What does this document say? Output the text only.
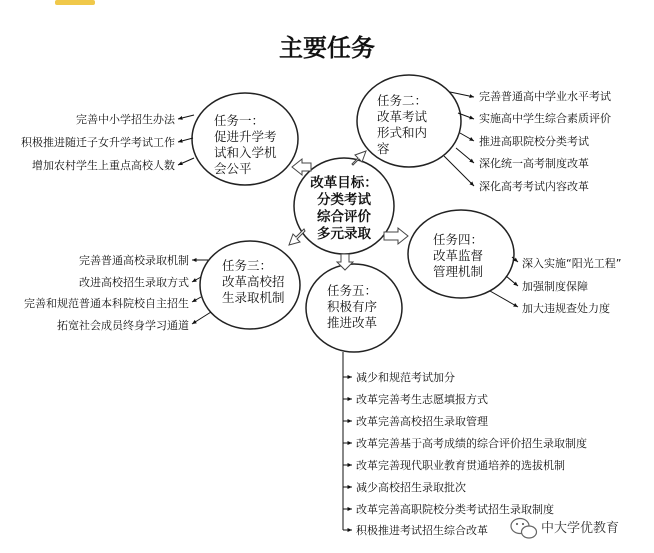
主要任务
改革目标：
分类考试
综合评价
多元录取
任务一：
促进升学考
试和入学机
会公平
任务二：
改革考试
形式和内
容
任务三：
改革高校招
生录取机制
任务四：
改革监督
管理机制
任务五：
积极有序
推进改革
完善中小学招生办法
积极推进随迁子女升学考试工作
增加农村学生上重点高校人数
完善普通高中学业水平考试
实施高中学生综合素质评价
推进高职院校分类考试
深化统一高考制度改革
深化高考考试内容改革
完善普通高校录取机制
改进高校招生录取方式
完善和规范普通本科院校自主招生
拓宽社会成员终身学习通道
深入实施“阳光工程”
加强制度保障
加大违规查处力度
减少和规范考试加分
改革完善考生志愿填报方式
改革完善高校招生录取管理
改革完善基于高考成绩的综合评价招生录取制度
改革完善现代职业教育贯通培养的选拔机制
减少高校招生录取批次
改革完善高职院校分类考试招生录取制度
积极推进考试招生综合改革	中大学优教育
